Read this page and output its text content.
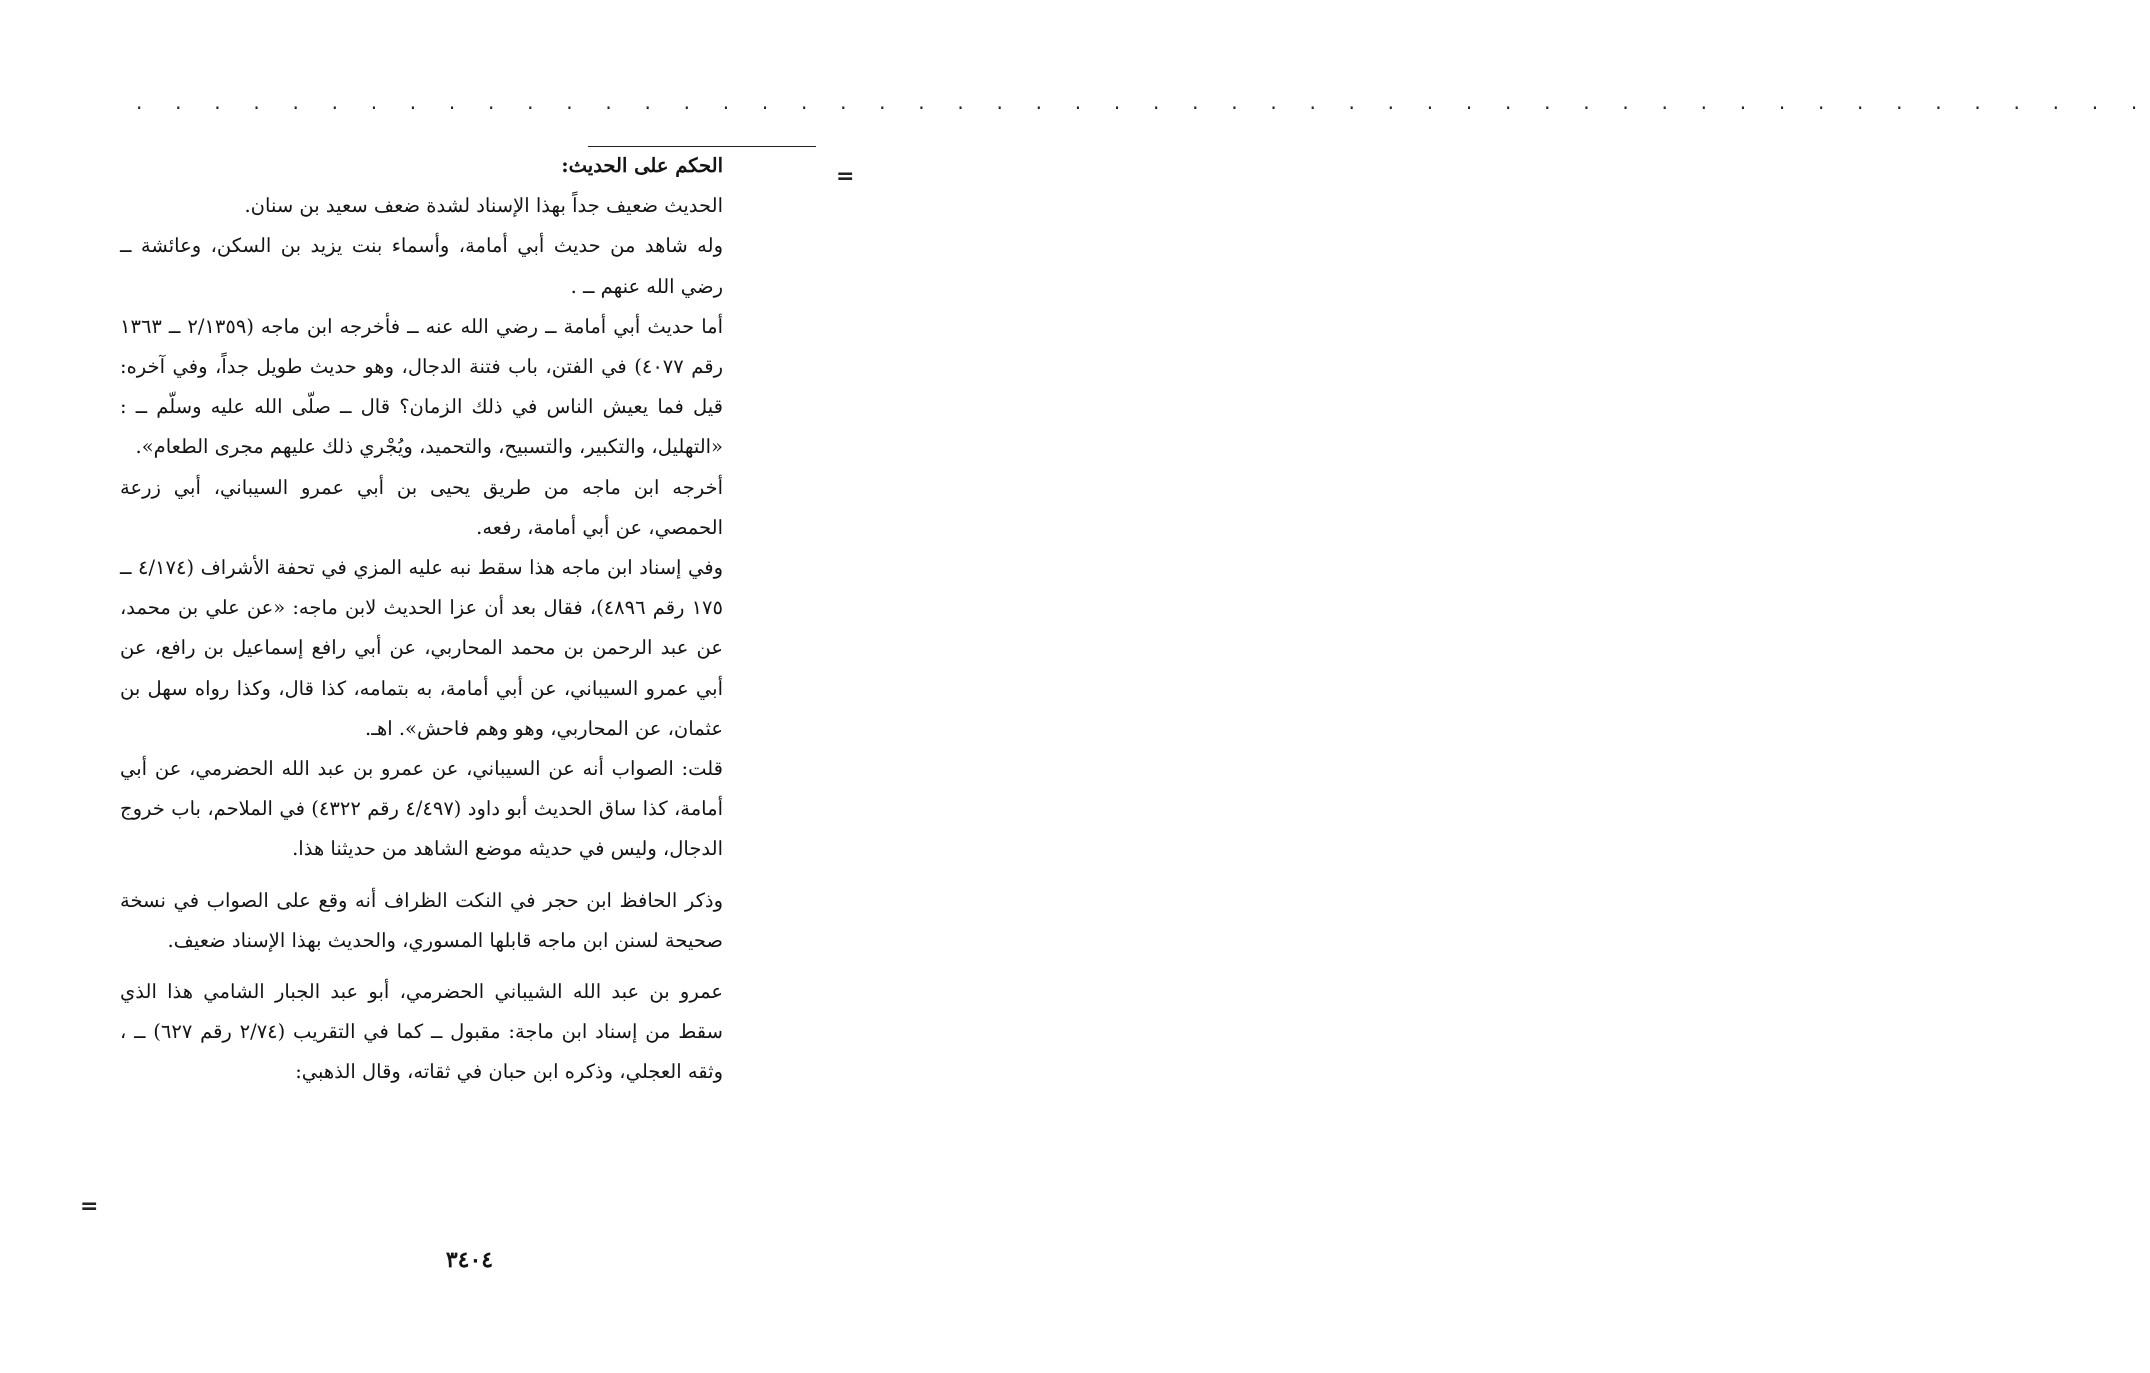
. . . . . . . . . . . . . . . . . . . . . . . . . . . . . . . . . . . . . . . . . . . . . . . . . . . .
=

الحكم على الحديث:

الحديث ضعيف جداً بهذا الإسناد لشدة ضعف سعيد بن سنان.

وله شاهد من حديث أبي أمامة، وأسماء بنت يزيد بن السكن، وعائشة ــ رضي الله عنهم ــ .

أما حديث أبي أمامة ــ رضي الله عنه ــ فأخرجه ابن ماجه (٢/١٣٥٩ ــ ١٣٦٣ رقم ٤٠٧٧) في الفتن، باب فتنة الدجال، وهو حديث طويل جداً، وفي آخره: قيل فما يعيش الناس في ذلك الزمان؟ قال ــ صلّى الله عليه وسلّم ــ : «التهليل، والتكبير، والتسبيح، والتحميد، ويُجْري ذلك عليهم مجرى الطعام».

أخرجه ابن ماجه من طريق يحيى بن أبي عمرو السيباني، أبي زرعة الحمصي، عن أبي أمامة، رفعه.

وفي إسناد ابن ماجه هذا سقط نبه عليه المزي في تحفة الأشراف (٤/١٧٤ ــ ١٧٥ رقم ٤٨٩٦)، فقال بعد أن عزا الحديث لابن ماجه: «عن علي بن محمد، عن عبد الرحمن بن محمد المحاربي، عن أبي رافع إسماعيل بن رافع، عن أبي عمرو السيباني، عن أبي أمامة، به بتمامه، كذا قال، وكذا رواه سهل بن عثمان، عن المحاربي، وهو وهم فاحش». اهـ.

قلت: الصواب أنه عن السيباني، عن عمرو بن عبد الله الحضرمي، عن أبي أمامة، كذا ساق الحديث أبو داود (٤/٤٩٧ رقم ٤٣٢٢) في الملاحم، باب خروج الدجال، وليس في حديثه موضع الشاهد من حديثنا هذا.

وذكر الحافظ ابن حجر في النكت الظراف أنه وقع على الصواب في نسخة صحيحة لسنن ابن ماجه قابلها المسوري، والحديث بهذا الإسناد ضعيف.

عمرو بن عبد الله الشيباني الحضرمي، أبو عبد الجبار الشامي هذا الذي سقط من إسناد ابن ماجة: مقبول ــ كما في التقريب (٢/٧٤ رقم ٦٢٧) ــ ، وثقه العجلي، وذكره ابن حبان في ثقاته، وقال الذهبي:

=
٣٤٠٤
